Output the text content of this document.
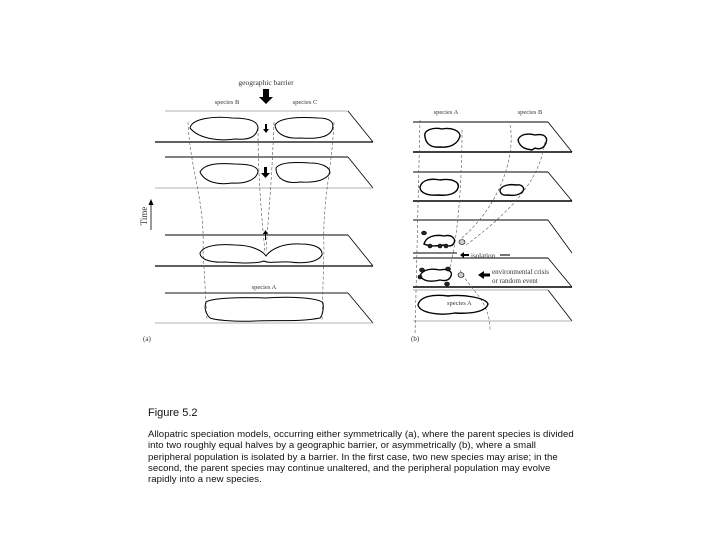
Time
geographic barrier
species B	species C
species A
(a)
species A	species B
isolation
environmental crisis
or random event
species A
(b)

Figure 5.2

Allopatric speciation models, occurring either symmetrically (a), where the parent species is divided into two roughly equal halves by a geographic barrier, or asymmetrically (b), where a small peripheral population is isolated by a barrier. In the first case, two new species may arise; in the second, the parent species may continue unaltered, and the peripheral population may evolve rapidly into a new species.
